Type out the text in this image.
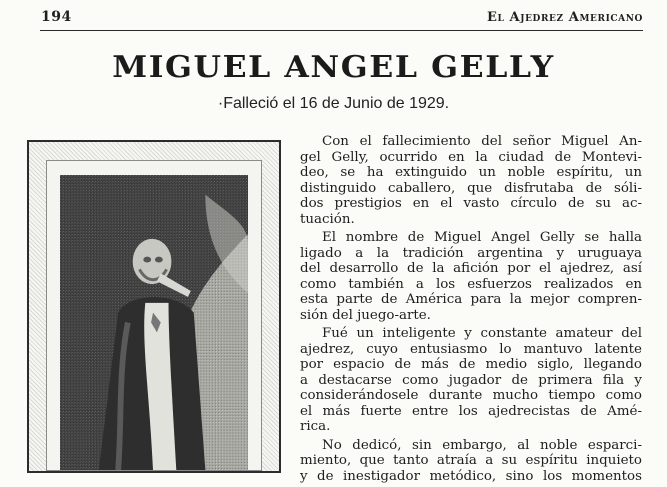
194	El Ajedrez Americano
MIGUEL ANGEL GELLY
·Falleció el 16 de Junio de 1929.

Con el fallecimiento del señor Miguel An-
gel Gelly, ocurrido en la ciudad de Montevi-
deo, se ha extinguido un noble espíritu, un
distinguido caballero, que disfrutaba de sóli-
dos prestigios en el vasto círculo de su ac-
tuación.

El nombre de Miguel Angel Gelly se halla
ligado a la tradición argentina y uruguaya
del desarrollo de la afición por el ajedrez, así
como también a los esfuerzos realizados en
esta parte de América para la mejor compren-
sión del juego-arte.

Fué un inteligente y constante amateur del
ajedrez, cuyo entusiasmo lo mantuvo latente
por espacio de más de medio siglo, llegando
a destacarse como jugador de primera fila y
considerándosele durante mucho tiempo como
el más fuerte entre los ajedrecistas de Amé-
rica.

No dedicó, sin embargo, al noble esparci-
miento, que tanto atraía a su espíritu inquieto
y de inestigador metódico, sino los momentos
